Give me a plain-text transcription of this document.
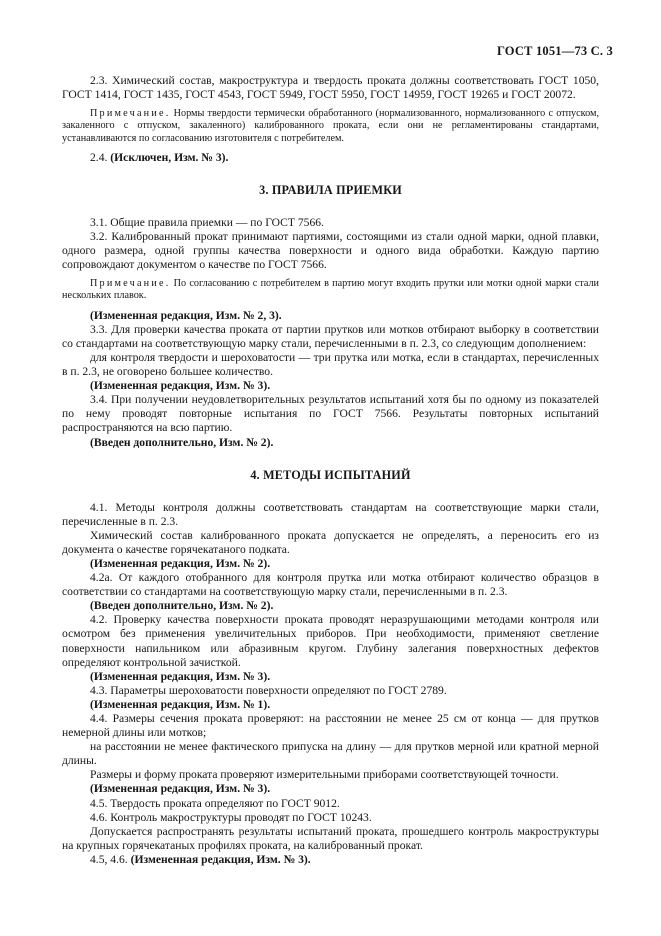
ГОСТ 1051—73 С. 3

2.3. Химический состав, макроструктура и твердость проката должны соответствовать ГОСТ 1050, ГОСТ 1414, ГОСТ 1435, ГОСТ 4543, ГОСТ 5949, ГОСТ 5950, ГОСТ 14959, ГОСТ 19265 и ГОСТ 20072.

Примечание. Нормы твердости термически обработанного (нормализованного, нормализованного с отпуском, закаленного с отпуском, закаленного) калиброванного проката, если они не регламентированы стандартами, устанавливаются по согласованию изготовителя с потребителем.

2.4. (Исключен, Изм. № 3).

3. ПРАВИЛА ПРИЕМКИ

3.1. Общие правила приемки — по ГОСТ 7566.

3.2. Калиброванный прокат принимают партиями, состоящими из стали одной марки, одной плавки, одного размера, одной группы качества поверхности и одного вида обработки. Каждую партию сопровождают документом о качестве по ГОСТ 7566.

Примечание. По согласованию с потребителем в партию могут входить прутки или мотки одной марки стали нескольких плавок.

(Измененная редакция, Изм. № 2, 3).

3.3. Для проверки качества проката от партии прутков или мотков отбирают выборку в соответствии со стандартами на соответствующую марку стали, перечисленными в п. 2.3, со следующим дополнением:

для контроля твердости и шероховатости — три прутка или мотка, если в стандартах, перечисленных в п. 2.3, не оговорено большее количество.

(Измененная редакция, Изм. № 3).

3.4. При получении неудовлетворительных результатов испытаний хотя бы по одному из показателей по нему проводят повторные испытания по ГОСТ 7566. Результаты повторных испытаний распространяются на всю партию.

(Введен дополнительно, Изм. № 2).

4. МЕТОДЫ ИСПЫТАНИЙ

4.1. Методы контроля должны соответствовать стандартам на соответствующие марки стали, перечисленные в п. 2.3.

Химический состав калиброванного проката допускается не определять, а переносить его из документа о качестве горячекатаного подката.

(Измененная редакция, Изм. № 2).

4.2а. От каждого отобранного для контроля прутка или мотка отбирают количество образцов в соответствии со стандартами на соответствующую марку стали, перечисленными в п. 2.3.

(Введен дополнительно, Изм. № 2).

4.2. Проверку качества поверхности проката проводят неразрушающими методами контроля или осмотром без применения увеличительных приборов. При необходимости, применяют светление поверхности напильником или абразивным кругом. Глубину залегания поверхностных дефектов определяют контрольной зачисткой.

(Измененная редакция, Изм. № 3).

4.3. Параметры шероховатости поверхности определяют по ГОСТ 2789.

(Измененная редакция, Изм. № 1).

4.4. Размеры сечения проката проверяют: на расстоянии не менее 25 см от конца — для прутков немерной длины или мотков;

на расстоянии не менее фактического припуска на длину — для прутков мерной или кратной мерной длины.

Размеры и форму проката проверяют измерительными приборами соответствующей точности.

(Измененная редакция, Изм. № 3).

4.5. Твердость проката определяют по ГОСТ 9012.

4.6. Контроль макроструктуры проводят по ГОСТ 10243.

Допускается распространять результаты испытаний проката, прошедшего контроль макроструктуры на крупных горячекатаных профилях проката, на калиброванный прокат.

4.5, 4.6. (Измененная редакция, Изм. № 3).
